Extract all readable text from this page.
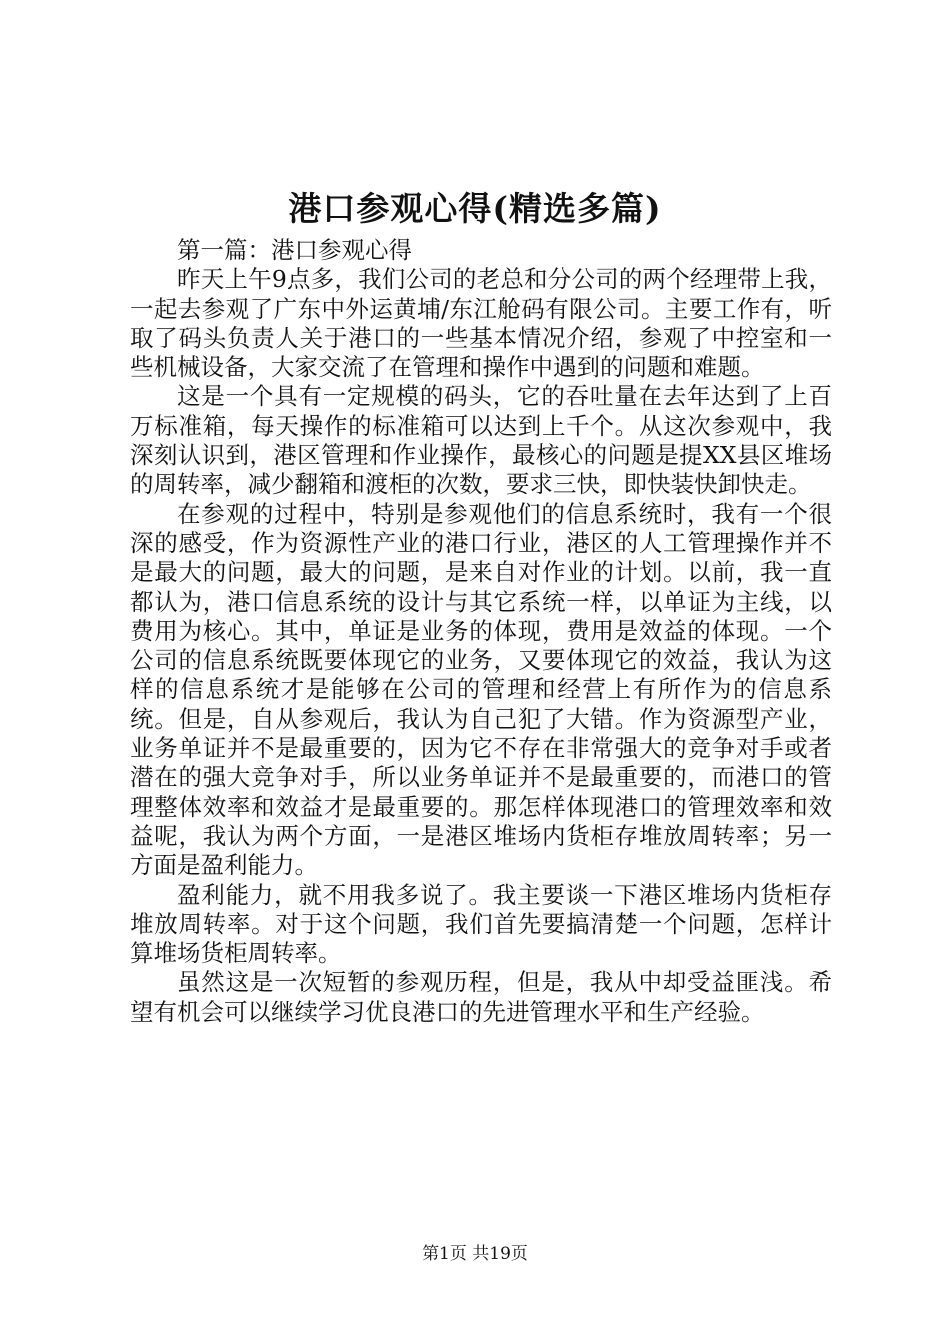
港口参观心得(精选多篇)

第一篇：港口参观心得

昨天上午9点多，我们公司的老总和分公司的两个经理带上我，一起去参观了广东中外运黄埔/东江舱码有限公司。主要工作有，听取了码头负责人关于港口的一些基本情况介绍，参观了中控室和一些机械设备，大家交流了在管理和操作中遇到的问题和难题。

这是一个具有一定规模的码头，它的吞吐量在去年达到了上百万标准箱，每天操作的标准箱可以达到上千个。从这次参观中，我深刻认识到，港区管理和作业操作，最核心的问题是提XX县区堆场的周转率，减少翻箱和渡柜的次数，要求三快，即快装快卸快走。

在参观的过程中，特别是参观他们的信息系统时，我有一个很深的感受，作为资源性产业的港口行业，港区的人工管理操作并不是最大的问题，最大的问题，是来自对作业的计划。以前，我一直都认为，港口信息系统的设计与其它系统一样，以单证为主线，以费用为核心。其中，单证是业务的体现，费用是效益的体现。一个公司的信息系统既要体现它的业务，又要体现它的效益，我认为这样的信息系统才是能够在公司的管理和经营上有所作为的信息系统。但是，自从参观后，我认为自己犯了大错。作为资源型产业，业务单证并不是最重要的，因为它不存在非常强大的竞争对手或者潜在的强大竞争对手，所以业务单证并不是最重要的，而港口的管理整体效率和效益才是最重要的。那怎样体现港口的管理效率和效益呢，我认为两个方面，一是港区堆场内货柜存堆放周转率；另一方面是盈利能力。

盈利能力，就不用我多说了。我主要谈一下港区堆场内货柜存堆放周转率。对于这个问题，我们首先要搞清楚一个问题，怎样计算堆场货柜周转率。

虽然这是一次短暂的参观历程，但是，我从中却受益匪浅。希望有机会可以继续学习优良港口的先进管理水平和生产经验。

第1页 共19页
